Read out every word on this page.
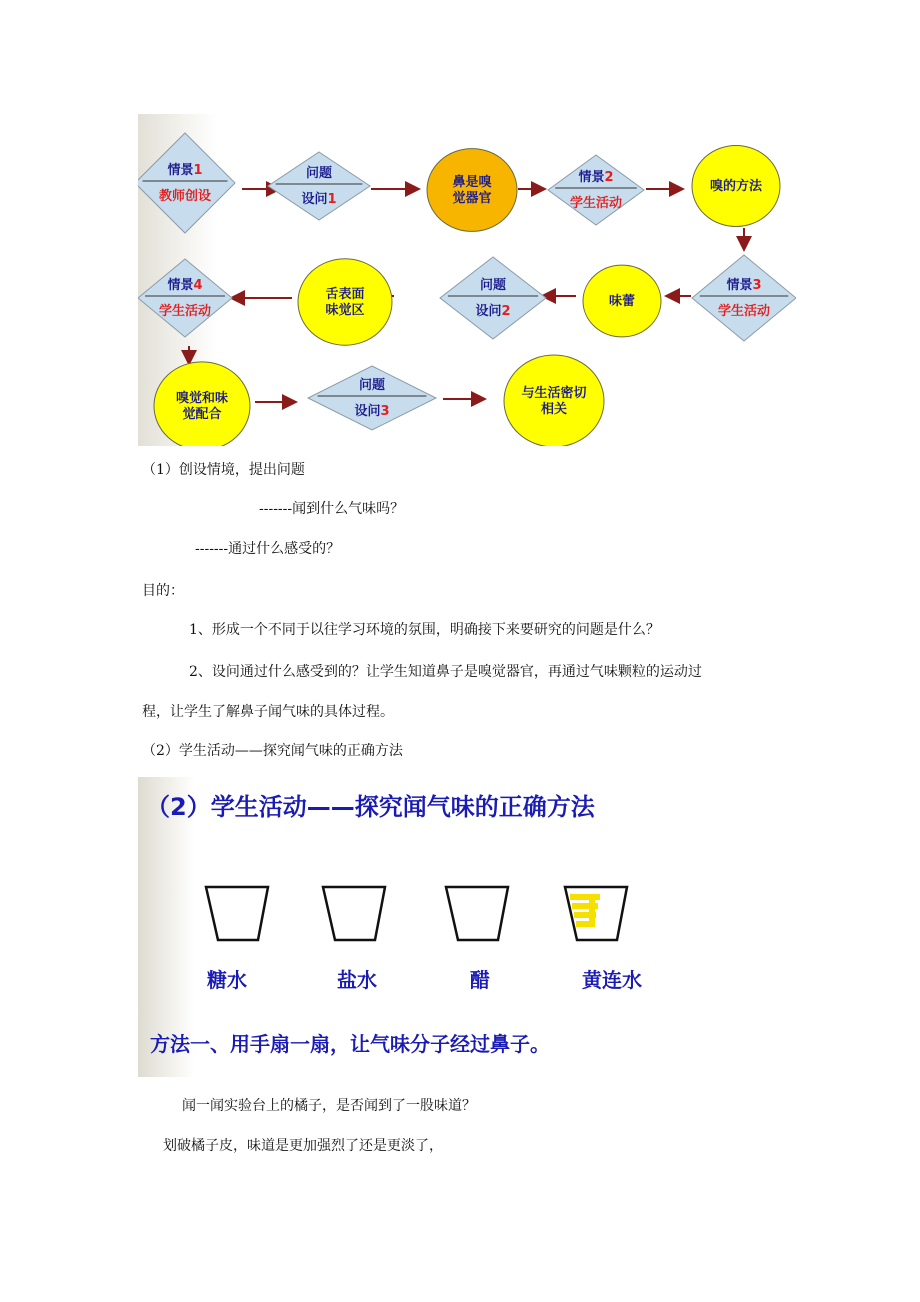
情景1
教师创设
问题
设问1
鼻是嗅
觉器官
情景2
学生活动
嗅的方法
情景3
学生活动
味蕾
问题
设问2
舌表面
味觉区
情景4
学生活动
嗅觉和味
觉配合
问题
设问3
与生活密切
相关
（1）创设情境，提出问题
-------闻到什么气味吗？
-------通过什么感受的？
目的：
1、形成一个不同于以往学习环境的氛围，明确接下来要研究的问题是什么？
2、设问通过什么感受到的？让学生知道鼻子是嗅觉器官，再通过气味颗粒的运动过
程，让学生了解鼻子闻气味的具体过程。
（2）学生活动——探究闻气味的正确方法
（2）学生活动——探究闻气味的正确方法
糖水	盐水	醋	黄连水
方法一、用手扇一扇，让气味分子经过鼻子。
闻一闻实验台上的橘子，是否闻到了一股味道？
划破橘子皮，味道是更加强烈了还是更淡了，
